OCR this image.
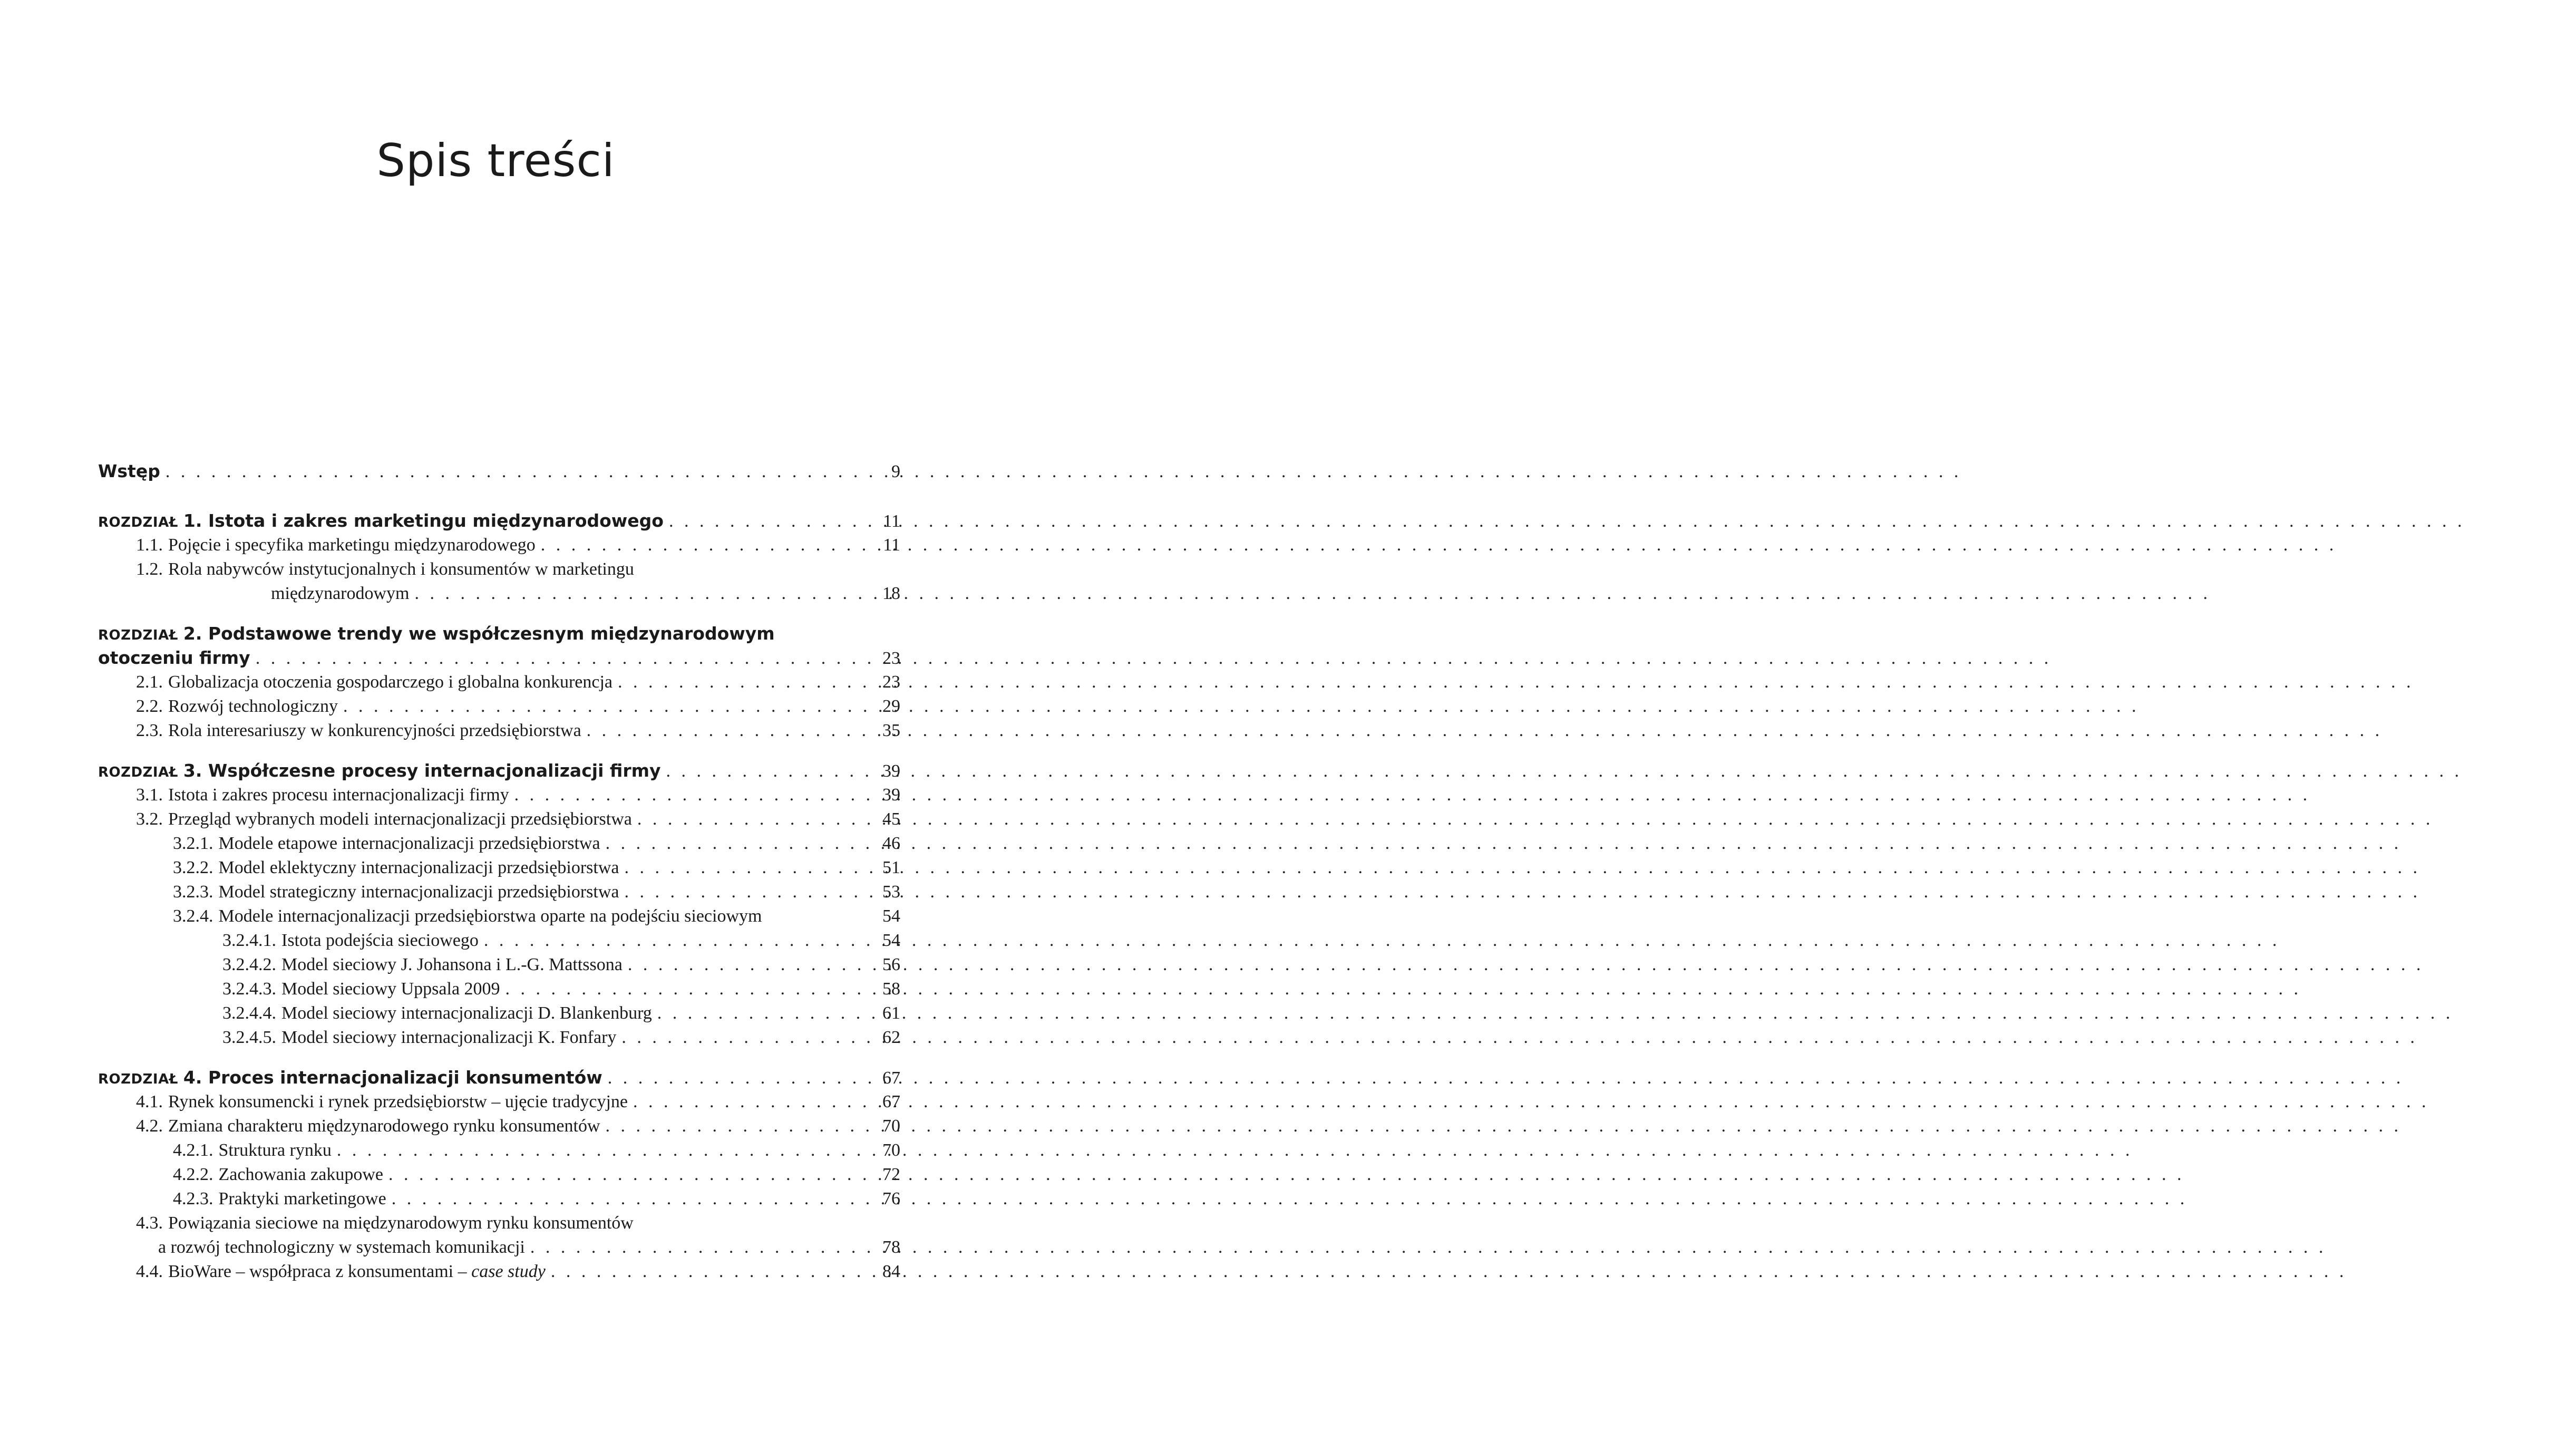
Spis treści
Wstęp . . .	9
ROZDZIAŁ 1. Istota i zakres marketingu międzynarodowego . . .	11
1.1. Pojęcie i specyfika marketingu międzynarodowego . . .	11
1.2. Rola nabywców instytucjonalnych i konsumentów w marketingu
międzynarodowym . . .	18
ROZDZIAŁ 2. Podstawowe trendy we współczesnym międzynarodowym
otoczeniu firmy . . .	23
2.1. Globalizacja otoczenia gospodarczego i globalna konkurencja . . .	23
2.2. Rozwój technologiczny . . .	29
2.3. Rola interesariuszy w konkurencyjności przedsiębiorstwa . . .	35
ROZDZIAŁ 3. Współczesne procesy internacjonalizacji firmy . . .	39
3.1. Istota i zakres procesu internacjonalizacji firmy . . .	39
3.2. Przegląd wybranych modeli internacjonalizacji przedsiębiorstwa . . .	45
3.2.1. Modele etapowe internacjonalizacji przedsiębiorstwa . . .	46
3.2.2. Model eklektyczny internacjonalizacji przedsiębiorstwa . . .	51
3.2.3. Model strategiczny internacjonalizacji przedsiębiorstwa . . .	53
3.2.4. Modele internacjonalizacji przedsiębiorstwa oparte na podejściu sieciowym	54
3.2.4.1. Istota podejścia sieciowego . . .	54
3.2.4.2. Model sieciowy J. Johansona i L.-G. Mattssona . . .	56
3.2.4.3. Model sieciowy Uppsala 2009 . . .	58
3.2.4.4. Model sieciowy internacjonalizacji D. Blankenburg . . .	61
3.2.4.5. Model sieciowy internacjonalizacji K. Fonfary . . .	62
ROZDZIAŁ 4. Proces internacjonalizacji konsumentów . . .	67
4.1. Rynek konsumencki i rynek przedsiębiorstw – ujęcie tradycyjne . . .	67
4.2. Zmiana charakteru międzynarodowego rynku konsumentów . . .	70
4.2.1. Struktura rynku . . .	70
4.2.2. Zachowania zakupowe . . .	72
4.2.3. Praktyki marketingowe . . .	76
4.3. Powiązania sieciowe na międzynarodowym rynku konsumentów
a rozwój technologiczny w systemach komunikacji . . .	78
4.4. BioWare – współpraca z konsumentami – case study . . .	84
